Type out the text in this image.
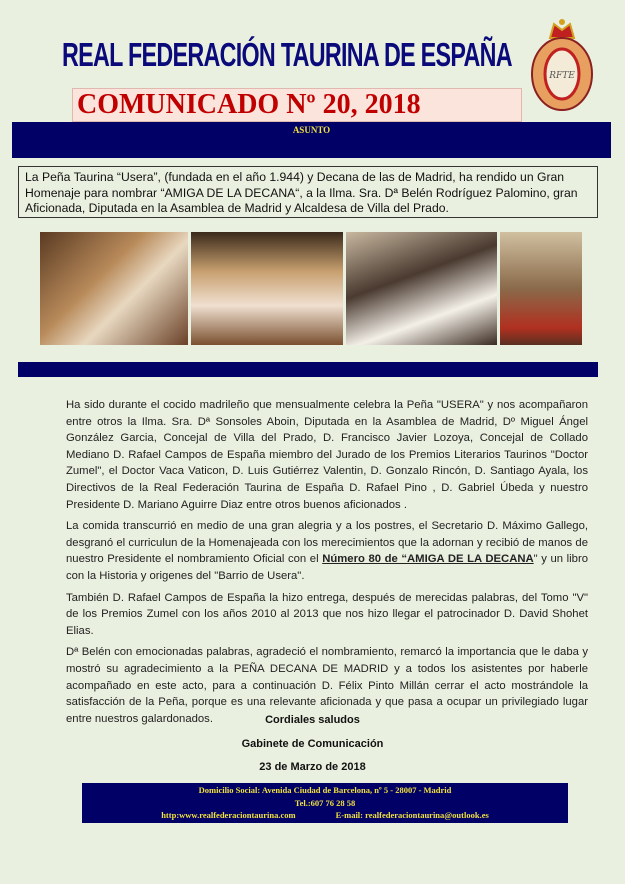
REAL FEDERACIÓN TAURINA DE ESPAÑA
RFTE
COMUNICADO Nº 20, 2018
ASUNTO
La Peña Taurina “Usera”, (fundada en el año 1.944) y Decana de las de Madrid, ha rendido un Gran Homenaje para nombrar “AMIGA DE LA DECANA“, a la Ilma. Sra. Dª Belén Rodríguez Palomino, gran Aficionada, Diputada en la Asamblea de Madrid y Alcaldesa de Villa del Prado.

Ha sido durante el cocido madrileño que mensualmente celebra la Peña "USERA" y nos acompañaron entre otros la Ilma. Sra. Dª Sonsoles Aboin, Diputada en la Asamblea de Madrid, Dº Miguel Ángel González Garcia, Concejal de Villa del Prado, D. Francisco Javier Lozoya, Concejal de Collado Mediano D. Rafael Campos de España miembro del Jurado de los Premios Literarios Taurinos "Doctor Zumel", el Doctor Vaca Vaticon, D. Luis Gutiérrez Valentin, D. Gonzalo Rincón, D. Santiago Ayala, los Directivos de la Real Federación Taurina de España D. Rafael Pino , D. Gabriel Úbeda y nuestro Presidente D. Mariano Aguirre Diaz entre otros buenos aficionados .

La comida transcurrió en medio de una gran alegria y a los postres, el Secretario D. Máximo Gallego, desgranó el curriculun de la Homenajeada con los merecimientos que la adornan y recibió de manos de nuestro Presidente el nombramiento Oficial con el Número 80 de “AMIGA DE LA DECANA" y un libro con la Historia y origenes del "Barrio de Usera".

También D. Rafael Campos de España la hizo entrega, después de merecidas palabras, del Tomo "V" de los Premios Zumel con los años 2010 al 2013 que nos hizo llegar el patrocinador D. David Shohet Elias.

Dª Belén con emocionadas palabras, agradeció el nombramiento, remarcó la importancia que le daba y mostró su agradecimiento a la PEÑA DECANA DE MADRID y a todos los asistentes por haberle acompañado en este acto, para a continuación D. Félix Pinto Millán cerrar el acto mostrándole la satisfacción de la Peña, porque es una relevante aficionada y que pasa a ocupar un privilegiado lugar entre nuestros galardonados.	Cordiales saludos
Gabinete de Comunicación
23 de Marzo de 2018
Domicilio Social: Avenida Ciudad de Barcelona, nº 5 - 28007 - Madrid
Tel.:607 76 28 58
http:www.realfederaciontaurina.com	E-mail: realfederaciontaurina@outlook.es
